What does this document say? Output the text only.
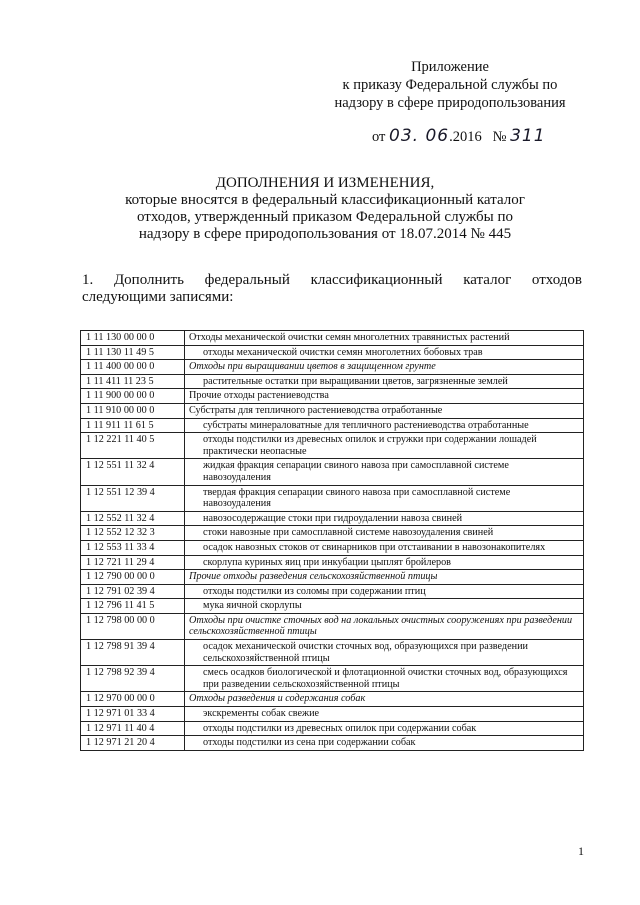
Приложение
к приказу Федеральной службы по
надзору в сфере природопользования
от 03. 06.2016 № 311
ДОПОЛНЕНИЯ И ИЗМЕНЕНИЯ,
которые вносятся в федеральный классификационный каталог
отходов, утвержденный приказом Федеральной службы по
надзору в сфере природопользования от 18.07.2014 № 445
1. Дополнить федеральный классификационный каталог отходов
следующими записями:
1 11 130 00 00 0	Отходы механической очистки семян многолетних травянистых растений
1 11 130 11 49 5	отходы механической очистки семян многолетних бобовых трав
1 11 400 00 00 0	Отходы при выращивании цветов в защищенном грунте
1 11 411 11 23 5	растительные остатки при выращивании цветов, загрязненные землей
1 11 900 00 00 0	Прочие отходы растениеводства
1 11 910 00 00 0	Субстраты для тепличного растениеводства отработанные
1 11 911 11 61 5	субстраты минераловатные для тепличного растениеводства отработанные
1 12 221 11 40 5	отходы подстилки из древесных опилок и стружки при содержании лошадей практически неопасные
1 12 551 11 32 4	жидкая фракция сепарации свиного навоза при самосплавной системе навозоудаления
1 12 551 12 39 4	твердая фракция сепарации свиного навоза при самосплавной системе навозоудаления
1 12 552 11 32 4	навозосодержащие стоки при гидроудалении навоза свиней
1 12 552 12 32 3	стоки навозные при самосплавной системе навозоудаления свиней
1 12 553 11 33 4	осадок навозных стоков от свинарников при отстаивании в навозонакопителях
1 12 721 11 29 4	скорлупа куриных яиц при инкубации цыплят бройлеров
1 12 790 00 00 0	Прочие отходы разведения сельскохозяйственной птицы
1 12 791 02 39 4	отходы подстилки из соломы при содержании птиц
1 12 796 11 41 5	мука яичной скорлупы
1 12 798 00 00 0	Отходы при очистке сточных вод на локальных очистных сооружениях при разведении сельскохозяйственной птицы
1 12 798 91 39 4	осадок механической очистки сточных вод, образующихся при разведении сельскохозяйственной птицы
1 12 798 92 39 4	смесь осадков биологической и флотационной очистки сточных вод, образующихся при разведении сельскохозяйственной птицы
1 12 970 00 00 0	Отходы разведения и содержания собак
1 12 971 01 33 4	экскременты собак свежие
1 12 971 11 40 4	отходы подстилки из древесных опилок при содержании собак
1 12 971 21 20 4	отходы подстилки из сена при содержании собак
1
